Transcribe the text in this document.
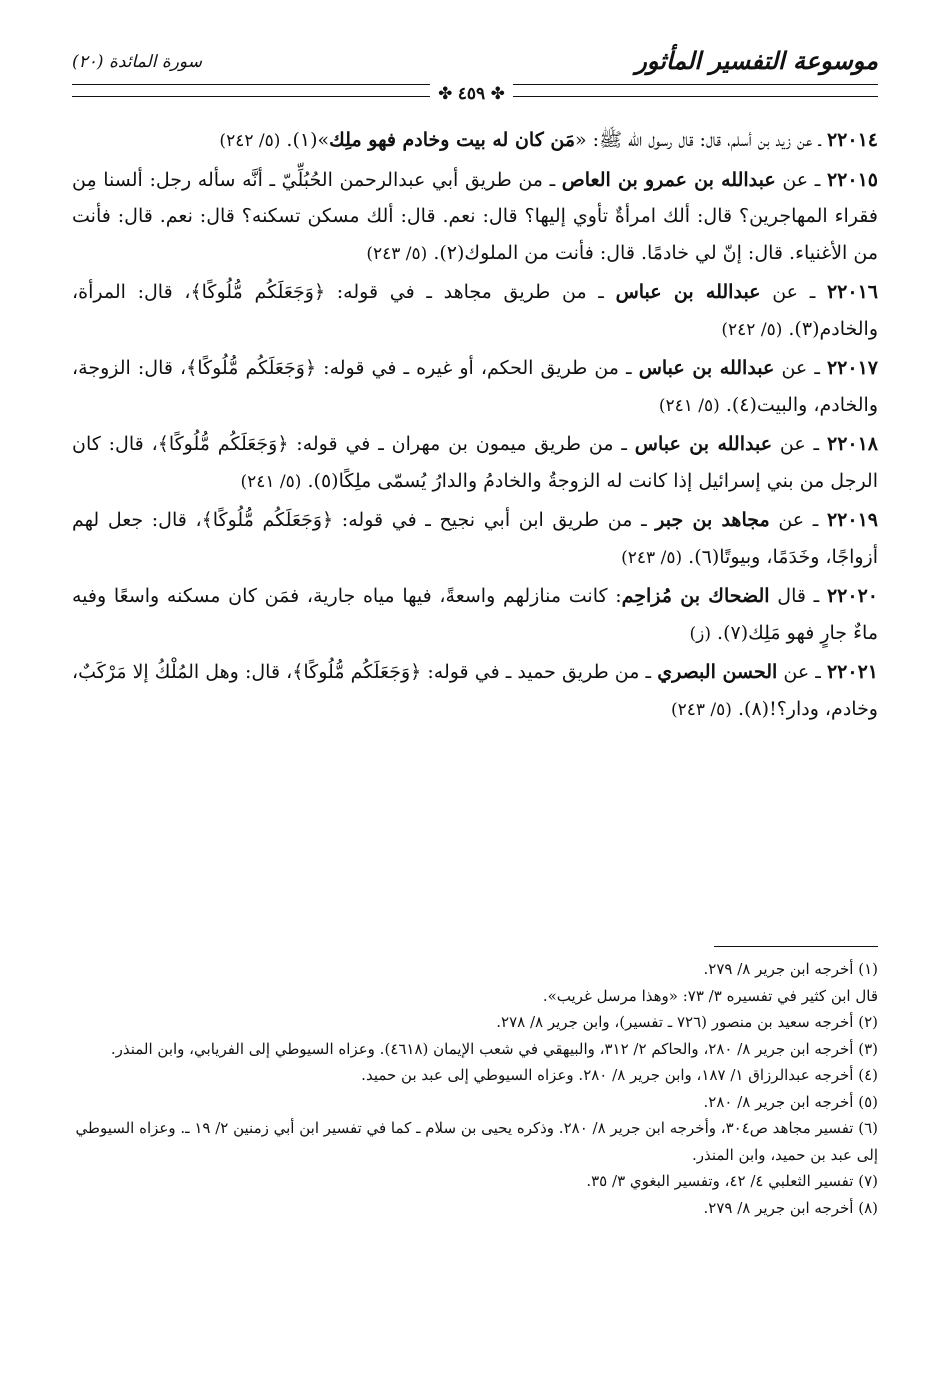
موسوعة التفسير المأثور
سورة المائدة (٢٠)
✤ ٤٥٩ ✤

٢٢٠١٤ ـ عن زيد بن أسلم، قال: قال رسول الله ﷺ: «مَن كان له بيت وخادم فهو ملِك»(١). (٥/ ٢٤٢)

٢٢٠١٥ ـ عن عبدالله بن عمرو بن العاص ـ من طريق أبي عبدالرحمن الحُبُلِّيّ ـ أنَّه سأله رجل: ألسنا مِن فقراء المهاجرين؟ قال: ألك امرأةٌ تأوي إليها؟ قال: نعم. قال: ألك مسكن تسكنه؟ قال: نعم. قال: فأنت من الأغنياء. قال: إنّ لي خادمًا. قال: فأنت من الملوك(٢). (٥/ ٢٤٣)

٢٢٠١٦ ـ عن عبدالله بن عباس ـ من طريق مجاهد ـ في قوله: ﴿وَجَعَلَكُم مُّلُوكًا﴾، قال: المرأة، والخادم(٣). (٥/ ٢٤٢)

٢٢٠١٧ ـ عن عبدالله بن عباس ـ من طريق الحكم، أو غيره ـ في قوله: ﴿وَجَعَلَكُم مُّلُوكًا﴾، قال: الزوجة، والخادم، والبيت(٤). (٥/ ٢٤١)

٢٢٠١٨ ـ عن عبدالله بن عباس ـ من طريق ميمون بن مهران ـ في قوله: ﴿وَجَعَلَكُم مُّلُوكًا﴾، قال: كان الرجل من بني إسرائيل إذا كانت له الزوجةُ والخادمُ والدارُ يُسمّى ملِكًا(٥). (٥/ ٢٤١)

٢٢٠١٩ ـ عن مجاهد بن جبر ـ من طريق ابن أبي نجيح ـ في قوله: ﴿وَجَعَلَكُم مُّلُوكًا﴾، قال: جعل لهم أزواجًا، وخَدَمًا، وبيوتًا(٦). (٥/ ٢٤٣)

٢٢٠٢٠ ـ قال الضحاك بن مُزاحِم: كانت منازلهم واسعةً، فيها مياه جارية، فمَن كان مسكنه واسعًا وفيه ماءٌ جارٍ فهو مَلِك(٧). (ز)

٢٢٠٢١ ـ عن الحسن البصري ـ من طريق حميد ـ في قوله: ﴿وَجَعَلَكُم مُّلُوكًا﴾، قال: وهل المُلْكُ إلا مَرْكَبٌ، وخادم، ودار؟!(٨). (٥/ ٢٤٣)

(١) أخرجه ابن جرير ٨/ ٢٧٩.

قال ابن كثير في تفسيره ٣/ ٧٣: «وهذا مرسل غريب».

(٢) أخرجه سعيد بن منصور (٧٢٦ ـ تفسير)، وابن جرير ٨/ ٢٧٨.

(٣) أخرجه ابن جرير ٨/ ٢٨٠، والحاكم ٢/ ٣١٢، والبيهقي في شعب الإيمان (٤٦١٨). وعزاه السيوطي إلى الفريابي، وابن المنذر.

(٤) أخرجه عبدالرزاق ١/ ١٨٧، وابن جرير ٨/ ٢٨٠. وعزاه السيوطي إلى عبد بن حميد.

(٥) أخرجه ابن جرير ٨/ ٢٨٠.

(٦) تفسير مجاهد ص٣٠٤، وأخرجه ابن جرير ٨/ ٢٨٠. وذكره يحيى بن سلام ـ كما في تفسير ابن أبي زمنين ٢/ ١٩ ـ. وعزاه السيوطي إلى عبد بن حميد، وابن المنذر.

(٧) تفسير الثعلبي ٤/ ٤٢، وتفسير البغوي ٣/ ٣٥.

(٨) أخرجه ابن جرير ٨/ ٢٧٩.
